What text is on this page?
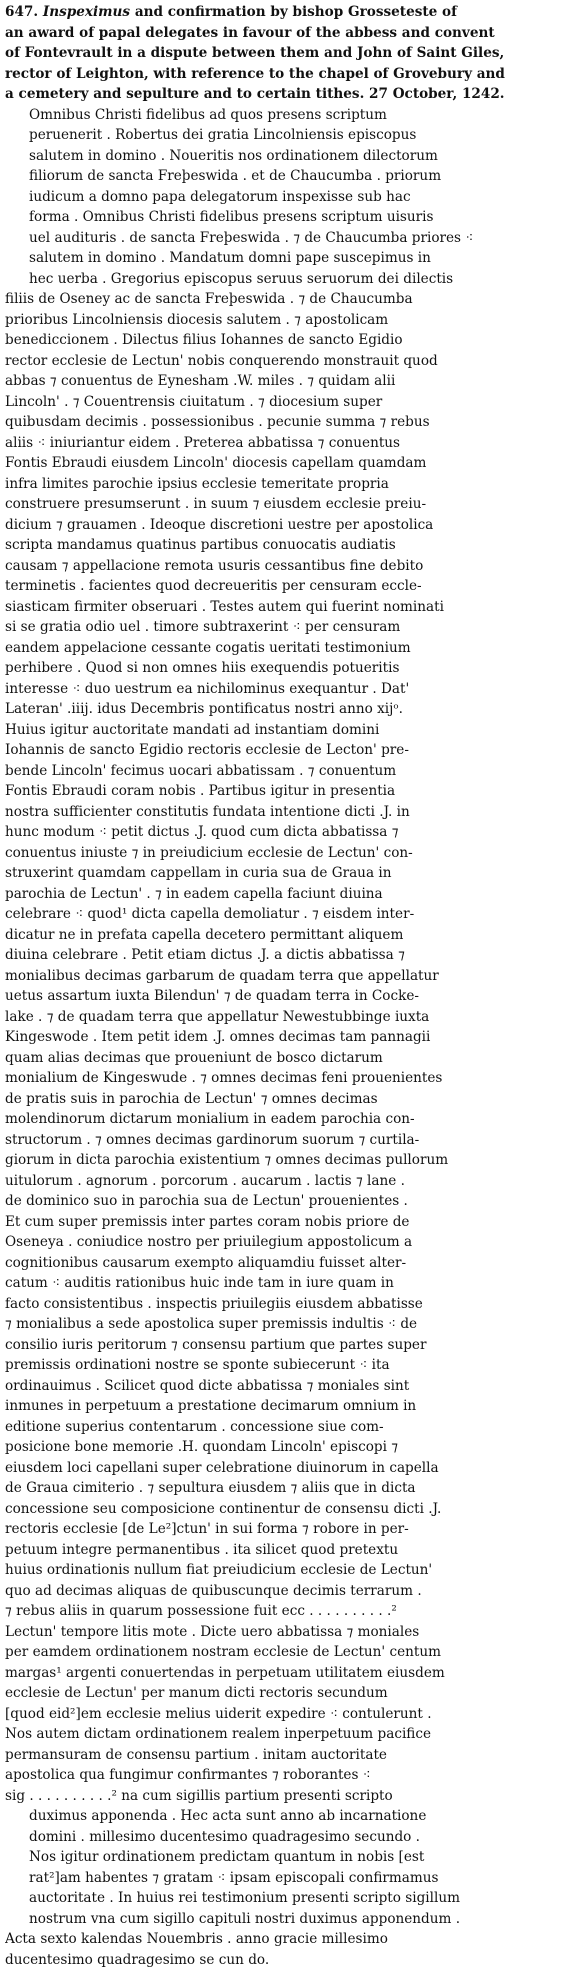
647. Inspeximus and confirmation by bishop Grosseteste of
an award of papal delegates in favour of the abbess and convent
of Fontevrault in a dispute between them and John of Saint Giles,
rector of Leighton, with reference to the chapel of Grovebury and
a cemetery and sepulture and to certain tithes. 27 October, 1242.

Omnibus Christi fidelibus ad quos presens scriptum
peruenerit . Robertus dei gratia Lincolniensis episcopus
salutem in domino . Noueritis nos ordinationem dilectorum
filiorum de sancta Freþeswida . et de Chaucumba . priorum
iudicum a domno papa delegatorum inspexisse sub hac
forma . Omnibus Christi fidelibus presens scriptum uisuris
uel audituris . de sancta Freþeswida . ⁊ de Chaucumba priores ⁖
salutem in domino . Mandatum domni pape suscepimus in
hec uerba . Gregorius episcopus seruus seruorum dei dilectis
filiis de Oseney ac de sancta Freþeswida . ⁊ de Chaucumba
prioribus Lincolniensis diocesis salutem . ⁊ apostolicam
benediccionem . Dilectus filius Iohannes de sancto Egidio
rector ecclesie de Lectun' nobis conquerendo monstrauit quod
abbas ⁊ conuentus de Eynesham .W. miles . ⁊ quidam alii
Lincoln' . ⁊ Couentrensis ciuitatum . ⁊ diocesium super
quibusdam decimis . possessionibus . pecunie summa ⁊ rebus
aliis ⁖ iniuriantur eidem . Preterea abbatissa ⁊ conuentus
Fontis Ebraudi eiusdem Lincoln' diocesis capellam quamdam
infra limites parochie ipsius ecclesie temeritate propria
construere presumserunt . in suum ⁊ eiusdem ecclesie preiu-
dicium ⁊ grauamen . Ideoque discretioni uestre per apostolica
scripta mandamus quatinus partibus conuocatis audiatis
causam ⁊ appellacione remota usuris cessantibus fine debito
terminetis . facientes quod decreueritis per censuram eccle-
siasticam firmiter obseruari . Testes autem qui fuerint nominati
si se gratia odio uel . timore subtraxerint ⁖ per censuram
eandem appelacione cessante cogatis ueritati testimonium
perhibere . Quod si non omnes hiis exequendis potueritis
interesse ⁖ duo uestrum ea nichilominus exequantur . Dat'
Lateran' .iiij. idus Decembris pontificatus nostri anno xijᵒ.
Huius igitur auctoritate mandati ad instantiam domini
Iohannis de sancto Egidio rectoris ecclesie de Lecton' pre-
bende Lincoln' fecimus uocari abbatissam . ⁊ conuentum
Fontis Ebraudi coram nobis . Partibus igitur in presentia
nostra sufficienter constitutis fundata intentione dicti .J. in
hunc modum ⁖ petit dictus .J. quod cum dicta abbatissa ⁊
conuentus iniuste ⁊ in preiudicium ecclesie de Lectun' con-
struxerint quamdam cappellam in curia sua de Graua in
parochia de Lectun' . ⁊ in eadem capella faciunt diuina
celebrare ⁖ quod¹ dicta capella demoliatur . ⁊ eisdem inter-
dicatur ne in prefata capella decetero permittant aliquem
diuina celebrare . Petit etiam dictus .J. a dictis abbatissa ⁊
monialibus decimas garbarum de quadam terra que appellatur
uetus assartum iuxta Bilendun' ⁊ de quadam terra in Cocke-
lake . ⁊ de quadam terra que appellatur Newestubbinge iuxta
Kingeswode . Item petit idem .J. omnes decimas tam pannagii
quam alias decimas que proueniunt de bosco dictarum
monialium de Kingeswude . ⁊ omnes decimas feni prouenientes
de pratis suis in parochia de Lectun' ⁊ omnes decimas
molendinorum dictarum monialium in eadem parochia con-
structorum . ⁊ omnes decimas gardinorum suorum ⁊ curtila-
giorum in dicta parochia existentium ⁊ omnes decimas pullorum
uitulorum . agnorum . porcorum . aucarum . lactis ⁊ lane .
de dominico suo in parochia sua de Lectun' prouenientes .
Et cum super premissis inter partes coram nobis priore de
Oseneya . coniudice nostro per priuilegium appostolicum a
cognitionibus causarum exempto aliquamdiu fuisset alter-
catum ⁖ auditis rationibus huic inde tam in iure quam in
facto consistentibus . inspectis priuilegiis eiusdem abbatisse
⁊ monialibus a sede apostolica super premissis indultis ⁖ de
consilio iuris peritorum ⁊ consensu partium que partes super
premissis ordinationi nostre se sponte subiecerunt ⁖ ita
ordinauimus . Scilicet quod dicte abbatissa ⁊ moniales sint
inmunes in perpetuum a prestatione decimarum omnium in
editione superius contentarum . concessione siue com-
posicione bone memorie .H. quondam Lincoln' episcopi ⁊
eiusdem loci capellani super celebratione diuinorum in capella
de Graua cimiterio . ⁊ sepultura eiusdem ⁊ aliis que in dicta
concessione seu composicione continentur de consensu dicti .J.
rectoris ecclesie [de Le²]ctun' in sui forma ⁊ robore in per-
petuum integre permanentibus . ita silicet quod pretextu
huius ordinationis nullum fiat preiudicium ecclesie de Lectun'
quo ad decimas aliquas de quibuscunque decimis terrarum .
⁊ rebus aliis in quarum possessione fuit ecc . . . . . . . . . .²
Lectun' tempore litis mote . Dicte uero abbatissa ⁊ moniales
per eamdem ordinationem nostram ecclesie de Lectun' centum
margas¹ argenti conuertendas in perpetuam utilitatem eiusdem
ecclesie de Lectun' per manum dicti rectoris secundum
[quod eid²]em ecclesie melius uiderit expedire ⁖ contulerunt .
Nos autem dictam ordinationem realem inperpetuum pacifice
permansuram de consensu partium . initam auctoritate
apostolica qua fungimur confirmantes ⁊ roborantes ⁖
sig . . . . . . . . . .² na cum sigillis partium presenti scripto
duximus apponenda . Hec acta sunt anno ab incarnatione
domini . millesimo ducentesimo quadragesimo secundo .
Nos igitur ordinationem predictam quantum in nobis [est
rat²]am habentes ⁊ gratam ⁖ ipsam episcopali confirmamus
auctoritate . In huius rei testimonium presenti scripto sigillum
nostrum vna cum sigillo capituli nostri duximus apponendum .
Acta sexto kalendas Nouembris . anno gracie millesimo
ducentesimo quadragesimo se cun do.
